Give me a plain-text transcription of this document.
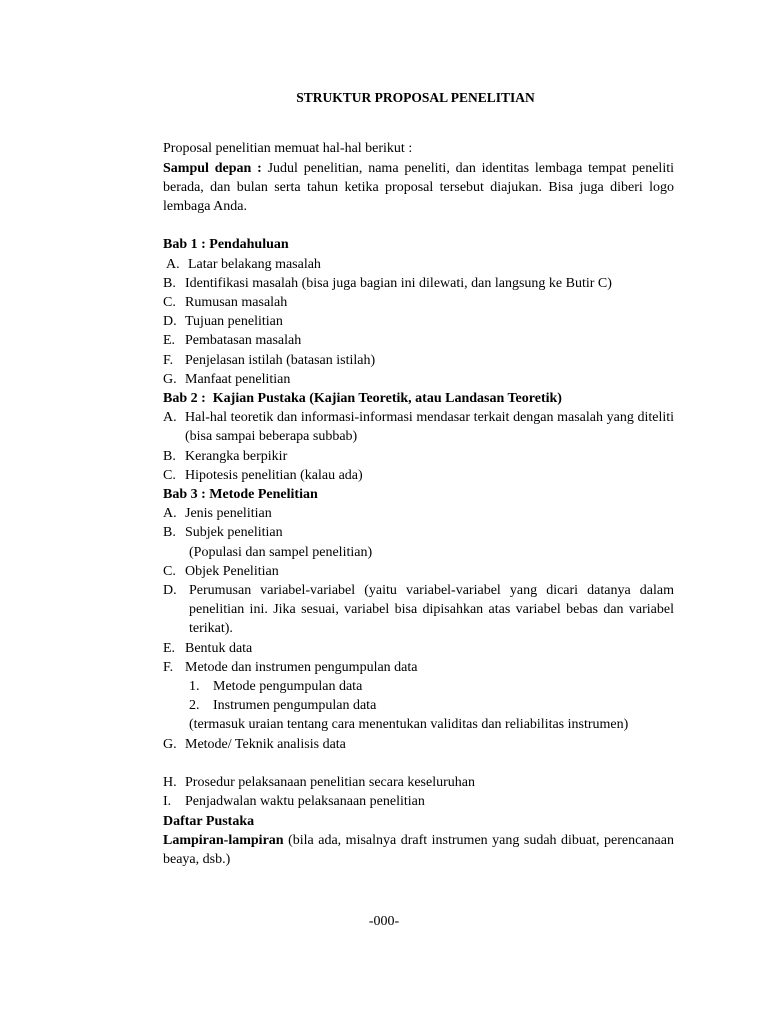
STRUKTUR PROPOSAL PENELITIAN

Proposal penelitian memuat hal-hal berikut :

Sampul depan : Judul penelitian, nama peneliti, dan identitas lembaga tempat peneliti berada, dan bulan serta tahun ketika proposal tersebut diajukan. Bisa juga diberi logo lembaga Anda.

Bab 1 : Pendahuluan

A. Latar belakang masalah
B. Identifikasi masalah (bisa juga bagian ini dilewati, dan langsung ke Butir C)
C. Rumusan masalah
D. Tujuan penelitian
E. Pembatasan masalah
F. Penjelasan istilah (batasan istilah)
G. Manfaat penelitian

Bab 2 :  Kajian Pustaka (Kajian Teoretik, atau Landasan Teoretik)

A. Hal-hal teoretik dan informasi-informasi mendasar terkait dengan masalah yang diteliti (bisa sampai beberapa subbab)
B. Kerangka berpikir
C. Hipotesis penelitian (kalau ada)

Bab 3 : Metode Penelitian

A. Jenis penelitian
B. Subjek penelitian
(Populasi dan sampel penelitian)
C. Objek Penelitian
D. Perumusan variabel-variabel (yaitu variabel-variabel yang dicari datanya dalam penelitian ini. Jika sesuai, variabel bisa dipisahkan atas variabel bebas dan variabel terikat).
E. Bentuk data
F. Metode dan instrumen pengumpulan data
1. Metode pengumpulan data
2. Instrumen pengumpulan data
(termasuk uraian tentang cara menentukan validitas dan reliabilitas instrumen)
G. Metode/ Teknik analisis data
H. Prosedur pelaksanaan penelitian secara keseluruhan
I. Penjadwalan waktu pelaksanaan penelitian

Daftar Pustaka

Lampiran-lampiran (bila ada, misalnya draft instrumen yang sudah dibuat, perencanaan beaya, dsb.)

-000-
